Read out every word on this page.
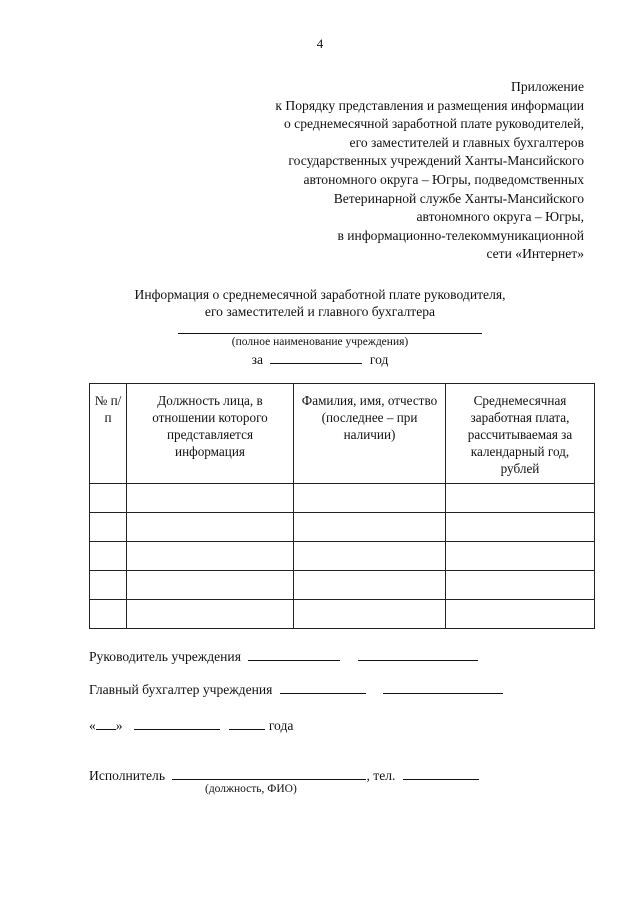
4
Приложение
к Порядку представления и размещения информации
о среднемесячной заработной плате руководителей,
его заместителей и главных бухгалтеров
государственных учреждений Ханты-Мансийского
автономного округа – Югры, подведомственных
Ветеринарной службе Ханты-Мансийского
автономного округа – Югры,
в информационно-телекоммуникационной
сети «Интернет»
Информация о среднемесячной заработной плате руководителя,
его заместителей и главного бухгалтера
(полное наименование учреждения)
за	год
№ п/п	Должность лица, в отношении которого представляется информация	Фамилия, имя, отчество (последнее – при наличии)	Среднемесячная заработная плата, рассчитываемая за календарный год, рублей

Руководитель учреждения
Главный бухгалтер учреждения
« »	года
Исполнитель	, тел.
(должность, ФИО)
